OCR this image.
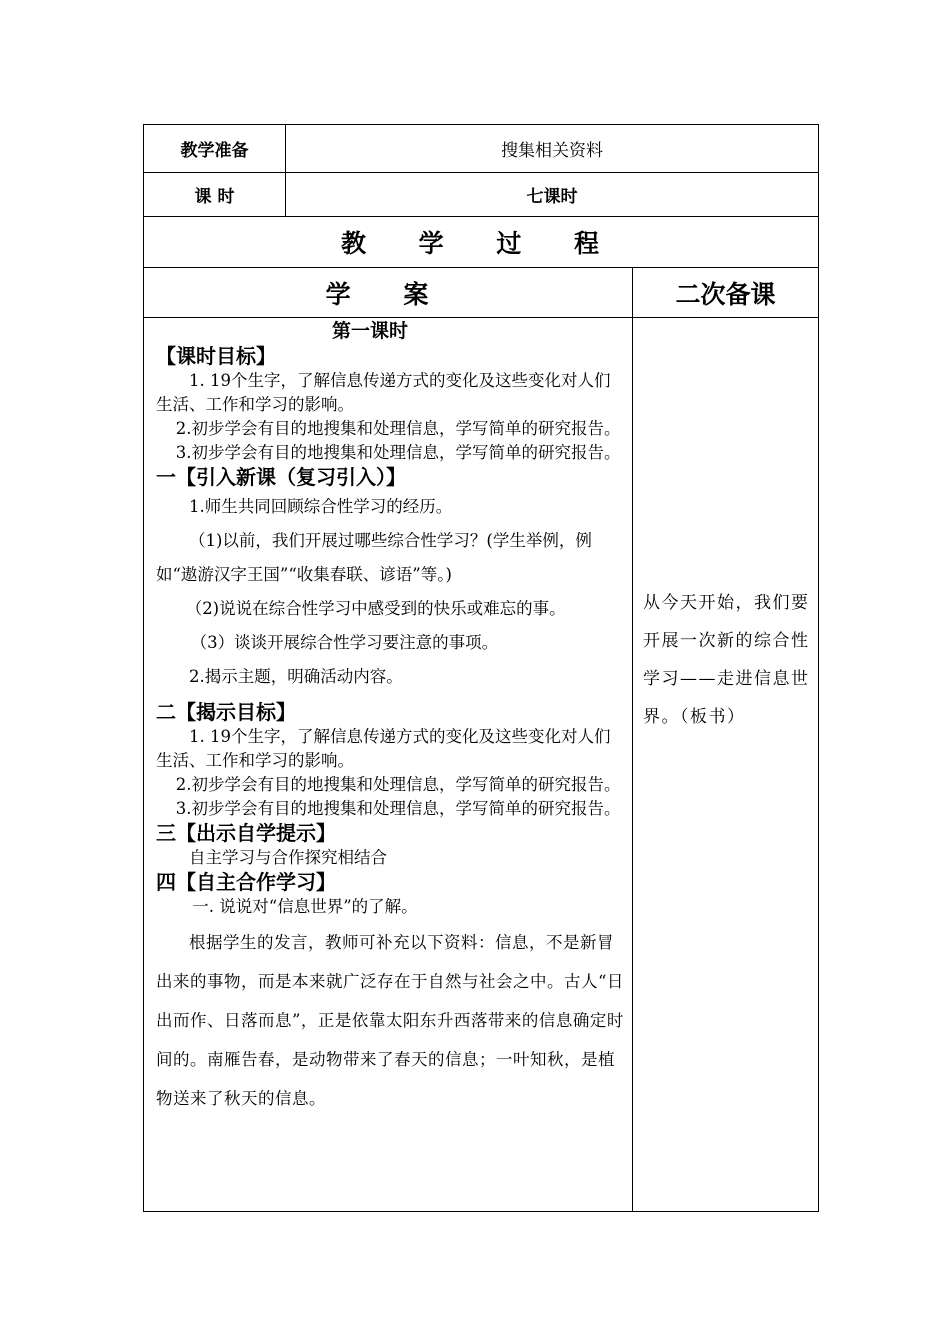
教学准备	搜集相关资料
课 时	七课时
教 学 过 程
学 案	二次备课
第一课时
【课时目标】
1. 19个生字，了解信息传递方式的变化及这些变化对人们生活、工作和学习的影响。
2.初步学会有目的地搜集和处理信息，学写简单的研究报告。
3.初步学会有目的地搜集和处理信息，学写简单的研究报告。
一【引入新课（复习引入）】
1.师生共同回顾综合性学习的经历。
（1)以前，我们开展过哪些综合性学习？(学生举例，例如“遨游汉字王国”“收集春联、谚语”等。)
（2)说说在综合性学习中感受到的快乐或难忘的事。
（3）谈谈开展综合性学习要注意的事项。
2.揭示主题，明确活动内容。
二【揭示目标】
1. 19个生字，了解信息传递方式的变化及这些变化对人们生活、工作和学习的影响。
2.初步学会有目的地搜集和处理信息，学写简单的研究报告。
3.初步学会有目的地搜集和处理信息，学写简单的研究报告。
三【出示自学提示】
自主学习与合作探究相结合
四【自主合作学习】
一. 说说对“信息世界”的了解。
根据学生的发言，教师可补充以下资料：信息，不是新冒出来的事物，而是本来就广泛存在于自然与社会之中。古人“日出而作、日落而息”，正是依靠太阳东升西落带来的信息确定时间的。南雁告春，是动物带来了春天的信息；一叶知秋，是植物送来了秋天的信息。
从今天开始，我们要开展一次新的综合性学习——走进信息世界。（板书）
